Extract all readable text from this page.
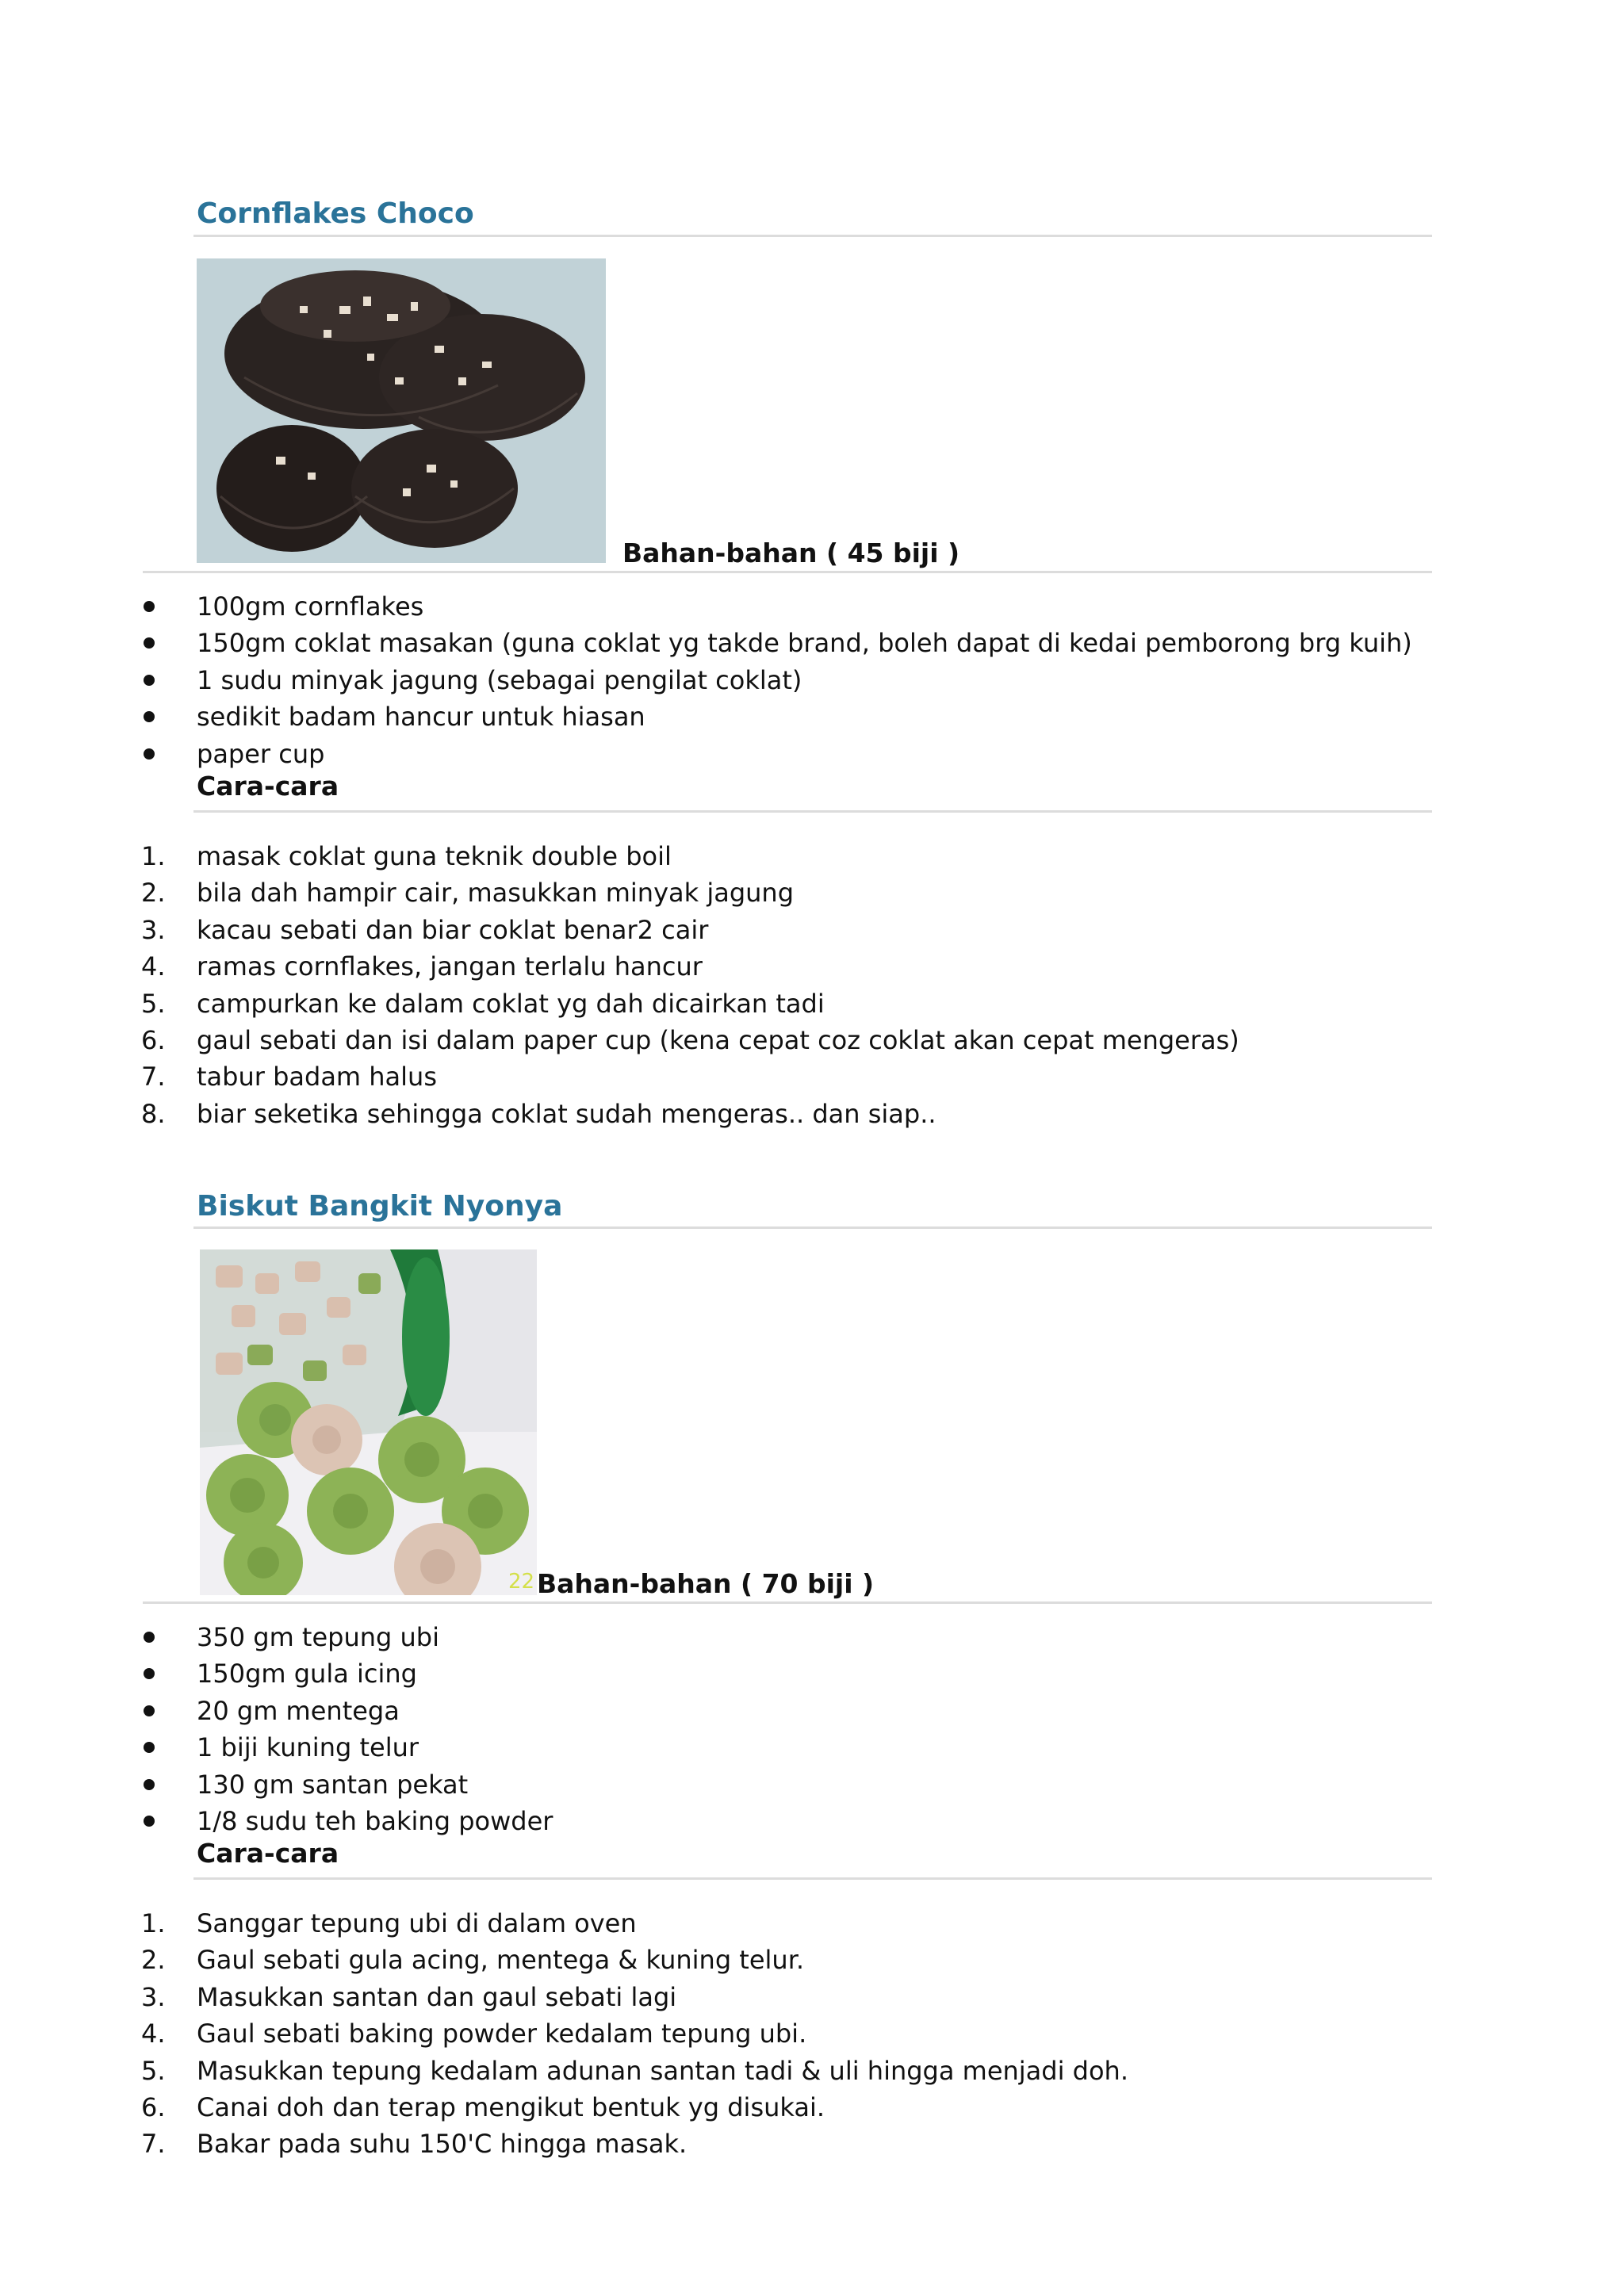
Cornflakes Choco
Bahan-bahan ( 45 biji )
100gm cornflakes
150gm coklat masakan (guna coklat yg takde brand, boleh dapat di kedai pemborong brg kuih)
1 sudu minyak jagung (sebagai pengilat coklat)
sedikit badam hancur untuk hiasan
paper cup
Cara-cara
1. masak coklat guna teknik double boil
2. bila dah hampir cair, masukkan minyak jagung
3. kacau sebati dan biar coklat benar2 cair
4. ramas cornflakes, jangan terlalu hancur
5. campurkan ke dalam coklat yg dah dicairkan tadi
6. gaul sebati dan isi dalam paper cup (kena cepat coz coklat akan cepat mengeras)
7. tabur badam halus
8. biar seketika sehingga coklat sudah mengeras.. dan siap..
Biskut Bangkit Nyonya
22 Bahan-bahan ( 70 biji )
350 gm tepung ubi
150gm gula icing
20 gm mentega
1 biji kuning telur
130 gm santan pekat
1/8 sudu teh baking powder
Cara-cara
1. Sanggar tepung ubi di dalam oven
2. Gaul sebati gula acing, mentega & kuning telur.
3. Masukkan santan dan gaul sebati lagi
4. Gaul sebati baking powder kedalam tepung ubi.
5. Masukkan tepung kedalam adunan santan tadi & uli hingga menjadi doh.
6. Canai doh dan terap mengikut bentuk yg disukai.
7. Bakar pada suhu 150'C hingga masak.
